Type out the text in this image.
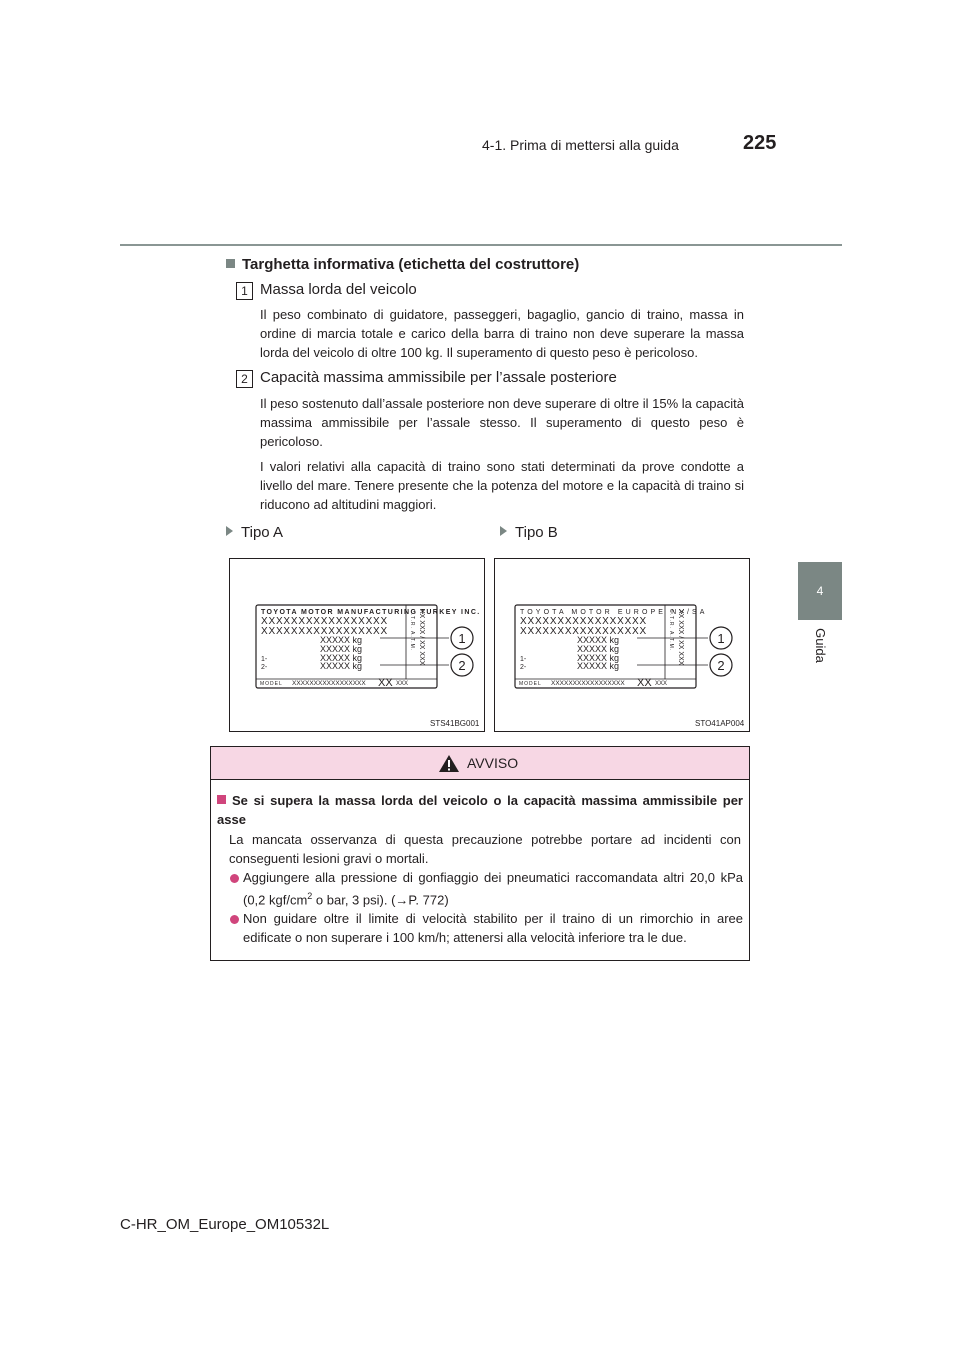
4-1. Prima di mettersi alla guida	225
4
Guida
Targhetta informativa (etichetta del costruttore)
1 Massa lorda del veicolo
Il peso combinato di guidatore, passeggeri, bagaglio, gancio di traino, massa in ordine di marcia totale e carico della barra di traino non deve superare la massa lorda del veicolo di oltre 100 kg. Il superamento di questo peso è pericoloso.
2 Capacità massima ammissibile per l’assale posteriore
Il peso sostenuto dall’assale posteriore non deve superare di oltre il 15% la capacità massima ammissibile per l’assale stesso. Il superamento di questo peso è pericoloso.
I valori relativi alla capacità di traino sono stati determinati da prove condotte a livello del mare. Tenere presente che la potenza del motore e la capacità di traino si riducono ad altitudini maggiori.
Tipo A	Tipo B
TOYOTA MOTOR MANUFACTURING TURKEY INC.
XXXXXXXXXXXXXXXXX
XXXXXXXXXXXXXXXXX
XXXXX kg
XXXXX kg
1-	XXXXX kg
2-	XXXXX kg
MODEL XXXXXXXXXXXXXXXXX XX XXX
C.T.R. A.T.M. XX XXX / XX XXX	1
2
STS41BG001
TOYOTA MOTOR EUROPE NV/SA
XXXXXXXXXXXXXXXXX
XXXXXXXXXXXXXXXXX
XXXXX kg
XXXXX kg
1-	XXXXX kg
2-	XXXXX kg
MODEL XXXXXXXXXXXXXXXXX XX XXX
C.T.R. A.T.M. XX XXX / XX XXX	1
2
STO41AP004
AVVISO
Se si supera la massa lorda del veicolo o la capacità massima ammissibile per asse
La mancata osservanza di questa precauzione potrebbe portare ad incidenti con conseguenti lesioni gravi o mortali.
Aggiungere alla pressione di gonfiaggio dei pneumatici raccomandata altri 20,0 kPa (0,2 kgf/$cm^2$ o bar, 3 psi). (→P. 772)
Non guidare oltre il limite di velocità stabilito per il traino di un rimorchio in aree edificate o non superare i 100 km/h; attenersi alla velocità inferiore tra le due.
C-HR_OM_Europe_OM10532L
